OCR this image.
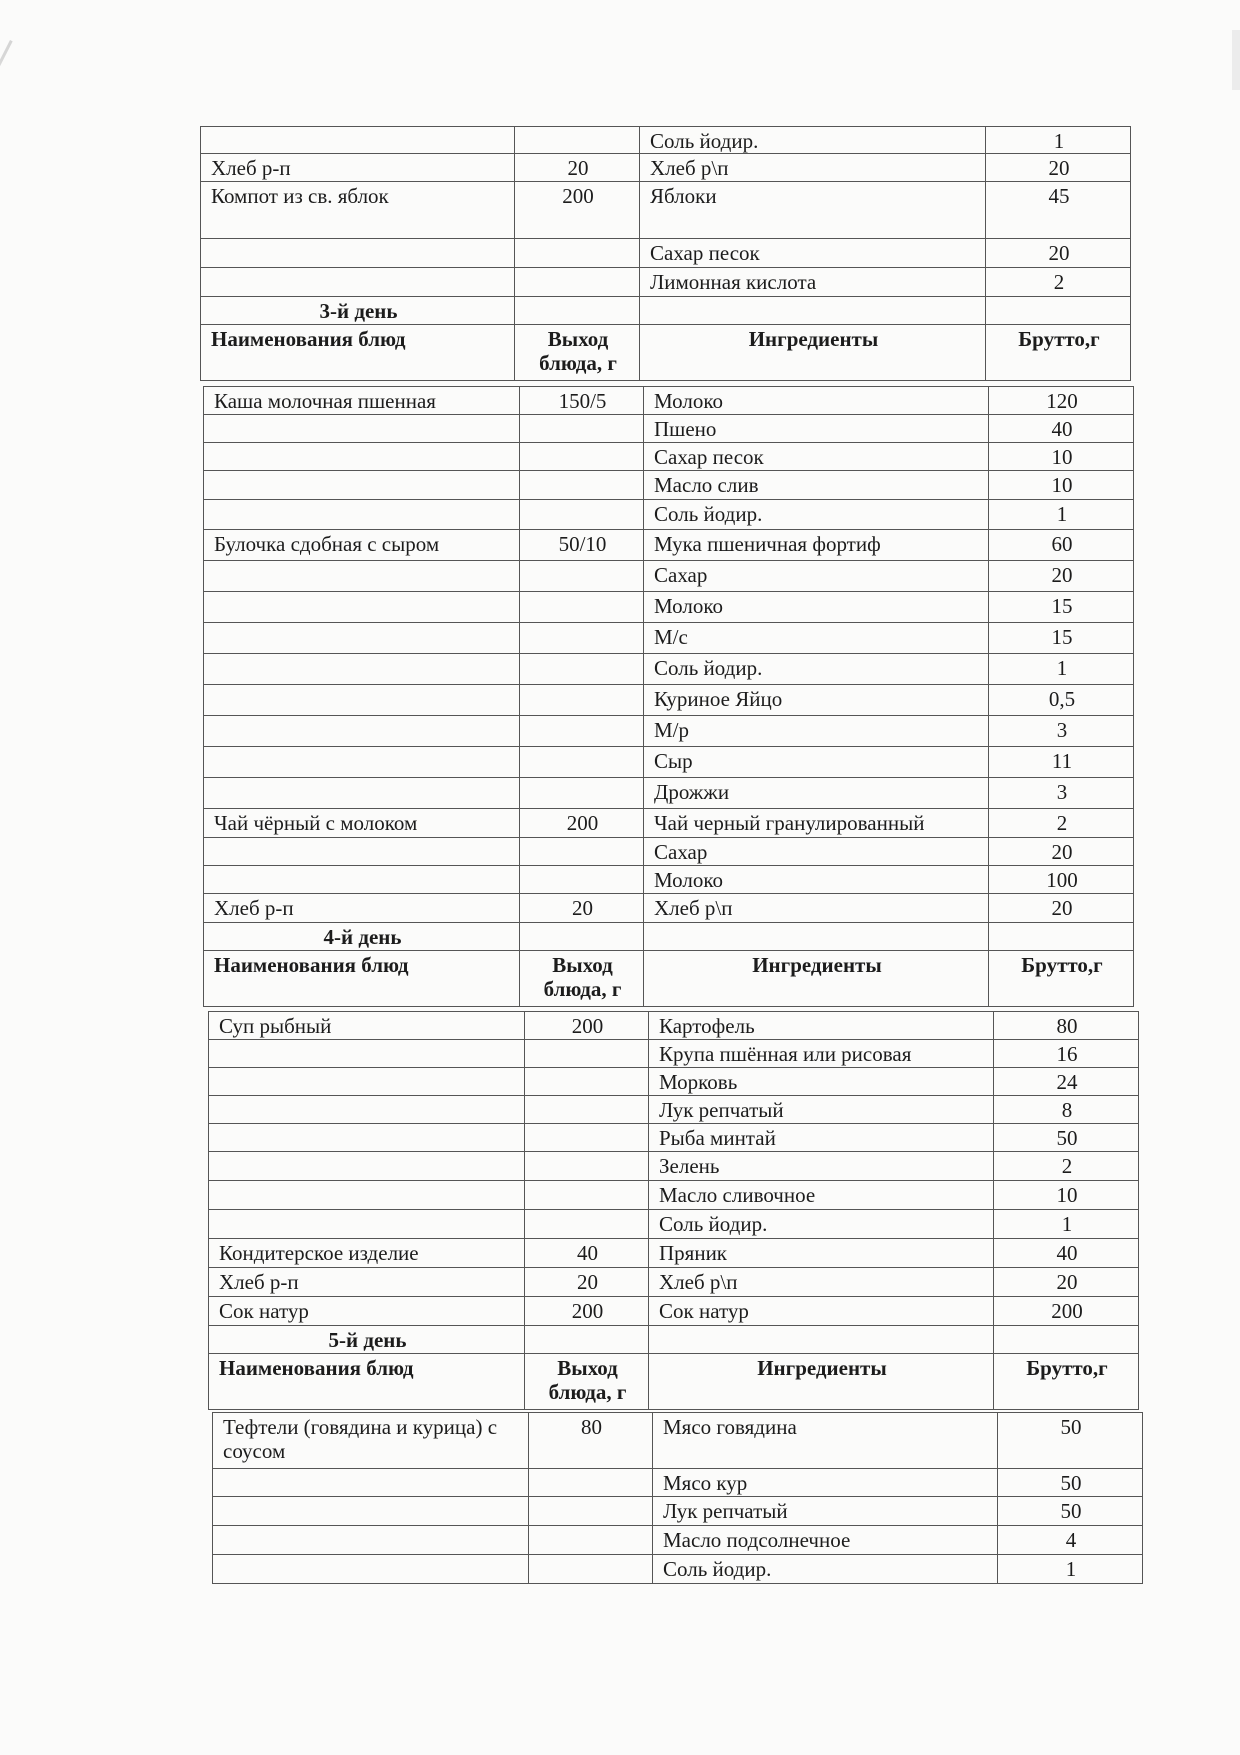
		Соль йодир.	1
Хлеб р-п	20	Хлеб р\п	20
Компот из св. яблок	200	Яблоки	45
		Сахар песок	20
		Лимонная кислота	2
3-й день			
Наименования блюд	Выход блюда, г	Ингредиенты	Брутто,г
Каша молочная пшенная	150/5	Молоко	120
		Пшено	40
		Сахар песок	10
		Масло слив	10
		Соль йодир.	1
Булочка сдобная с сыром	50/10	Мука пшеничная фортиф	60
		Сахар	20
		Молоко	15
		М/с	15
		Соль йодир.	1
		Куриное Яйцо	0,5
		М/р	3
		Сыр	11
		Дрожжи	3
Чай чёрный с молоком	200	Чай черный гранулированный	2
		Сахар	20
		Молоко	100
Хлеб р-п	20	Хлеб р\п	20
4-й день			
Наименования блюд	Выход блюда, г	Ингредиенты	Брутто,г
Суп рыбный	200	Картофель	80
		Крупа пшённая или рисовая	16
		Морковь	24
		Лук репчатый	8
		Рыба минтай	50
		Зелень	2
		Масло сливочное	10
		Соль йодир.	1
Кондитерское изделие	40	Пряник	40
Хлеб р-п	20	Хлеб р\п	20
Сок натур	200	Сок натур	200
5-й день			
Наименования блюд	Выход блюда, г	Ингредиенты	Брутто,г
Тефтели (говядина и курица) с соусом	80	Мясо говядина	50
		Мясо кур	50
		Лук репчатый	50
		Масло подсолнечное	4
		Соль йодир.	1
